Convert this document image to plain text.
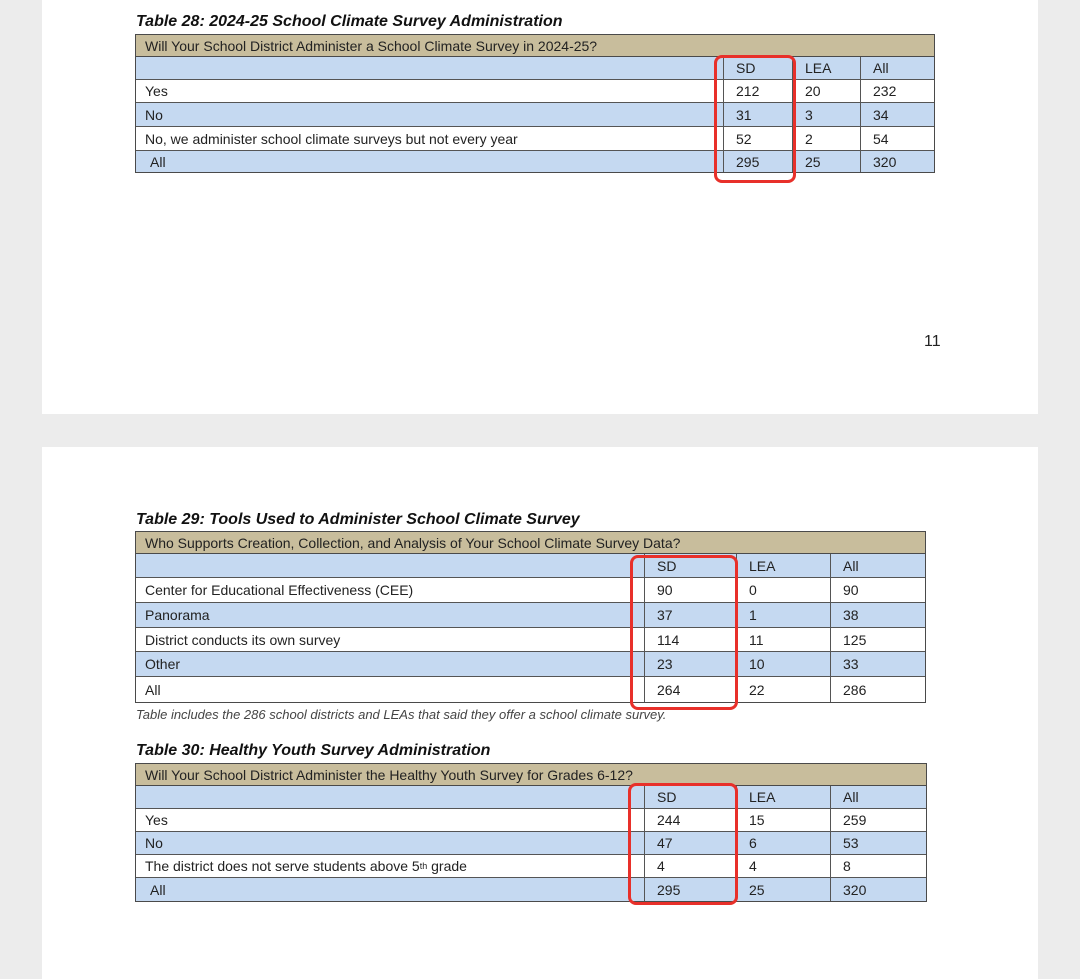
Table 28: 2024-25 School Climate Survey Administration
Will Your School District Administer a School Climate Survey in 2024-25?
SD	LEA	All
Yes	212	20	232
No	31	3	34
No, we administer school climate surveys but not every year	52	2	54
All	295	25	320
11
Table 29: Tools Used to Administer School Climate Survey
Who Supports Creation, Collection, and Analysis of Your School Climate Survey Data?
SD	LEA	All
Center for Educational Effectiveness (CEE)	90	0	90
Panorama	37	1	38
District conducts its own survey	114	11	125
Other	23	10	33
All	264	22	286
Table includes the 286 school districts and LEAs that said they offer a school climate survey.
Table 30: Healthy Youth Survey Administration
Will Your School District Administer the Healthy Youth Survey for Grades 6-12?
SD	LEA	All
Yes	244	15	259
No	47	6	53
The district does not serve students above 5 th grade	4	4	8
All	295	25	320
